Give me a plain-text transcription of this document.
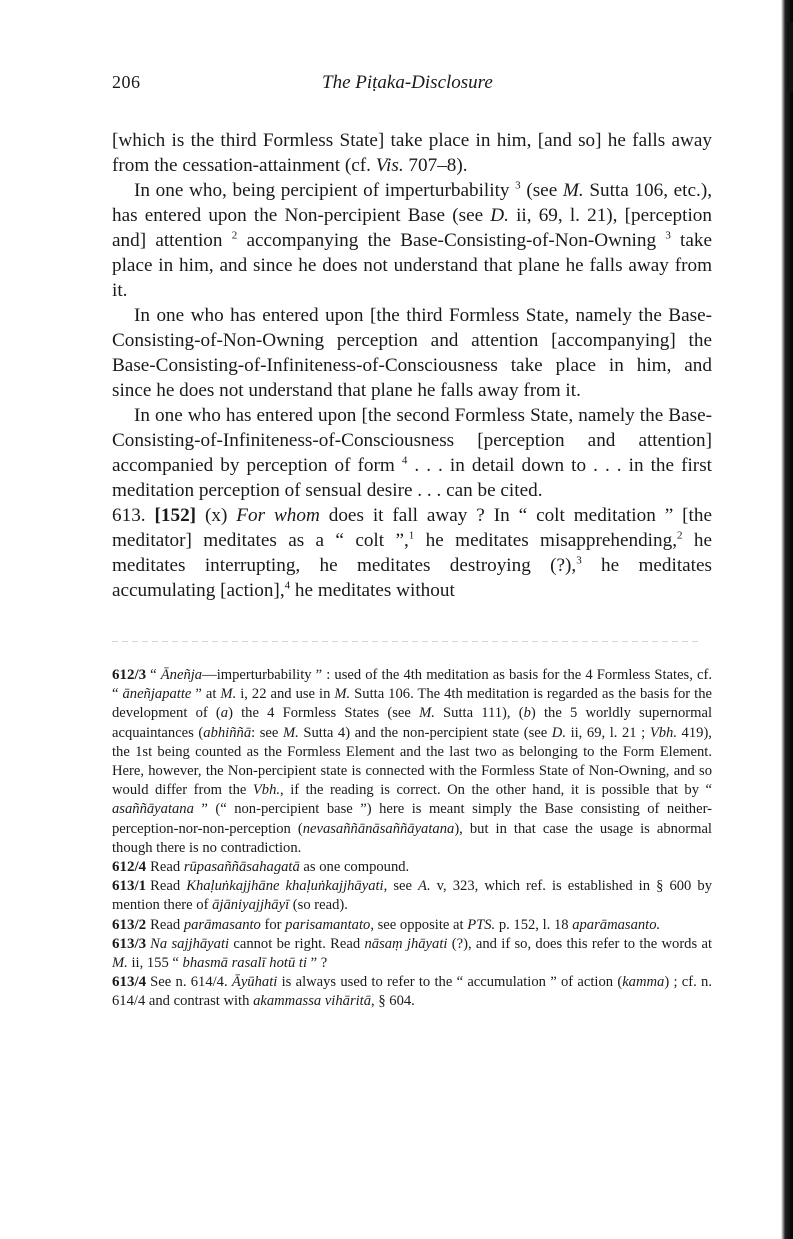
206	The Piṭaka-Disclosure

[which is the third Formless State] take place in him, [and so] he falls away from the cessation-attainment (cf. Vis. 707–8).

In one who, being percipient of imperturbability $^3$ (see M. Sutta 106, etc.), has entered upon the Non-percipient Base (see D. ii, 69, l. 21), [perception and] attention $^2$ accompanying the Base-Consisting-of-Non-Owning $^3$ take place in him, and since he does not understand that plane he falls away from it.

In one who has entered upon [the third Formless State, namely the Base-Consisting-of-Non-Owning perception and attention [accompanying] the Base-Consisting-of-Infiniteness-of-Consciousness take place in him, and since he does not understand that plane he falls away from it.

In one who has entered upon [the second Formless State, namely the Base-Consisting-of-Infiniteness-of-Consciousness [perception and attention] accompanied by perception of form $^4$ . . . in detail down to . . . in the first meditation perception of sensual desire . . . can be cited.

613. [152] (x) For whom does it fall away ? In “ colt meditation ” [the meditator] meditates as a “ colt ”,$^1$ he meditates misapprehending,$^2$ he meditates interrupting, he meditates destroying (?),$^3$ he meditates accumulating [action],$^4$ he meditates without

612/3 “ Āneñja—imperturbability ” : used of the 4th meditation as basis for the 4 Formless States, cf. “ āneñjapatte ” at M. i, 22 and use in M. Sutta 106. The 4th meditation is regarded as the basis for the development of (a) the 4 Formless States (see M. Sutta 111), (b) the 5 worldly supernormal acquaintances (abhiññā: see M. Sutta 4) and the non-percipient state (see D. ii, 69, l. 21 ; Vbh. 419), the 1st being counted as the Formless Element and the last two as belonging to the Form Element. Here, however, the Non-percipient state is connected with the Formless State of Non-Owning, and so would differ from the Vbh., if the reading is correct. On the other hand, it is possible that by “ asaññāyatana ” (“ non-percipient base ”) here is meant simply the Base consisting of neither-perception-nor-non-perception (nevasaññānāsaññāyatana), but in that case the usage is abnormal though there is no contradiction.

612/4 Read rūpasaññāsahagatā as one compound.

613/1 Read Khaḷuṅkajjhāne khaḷuṅkajjhāyati, see A. v, 323, which ref. is established in § 600 by mention there of ājāniyajjhāyī (so read).

613/2 Read parāmasanto for parisamantato, see opposite at PTS. p. 152, l. 18 aparāmasanto.

613/3 Na sajjhāyati cannot be right. Read nāsaṃ jhāyati (?), and if so, does this refer to the words at M. ii, 155 “ bhasmā rasalī hotū ti ” ?

613/4 See n. 614/4. Āyūhati is always used to refer to the “ accumulation ” of action (kamma) ; cf. n. 614/4 and contrast with akammassa vihāritā, § 604.
